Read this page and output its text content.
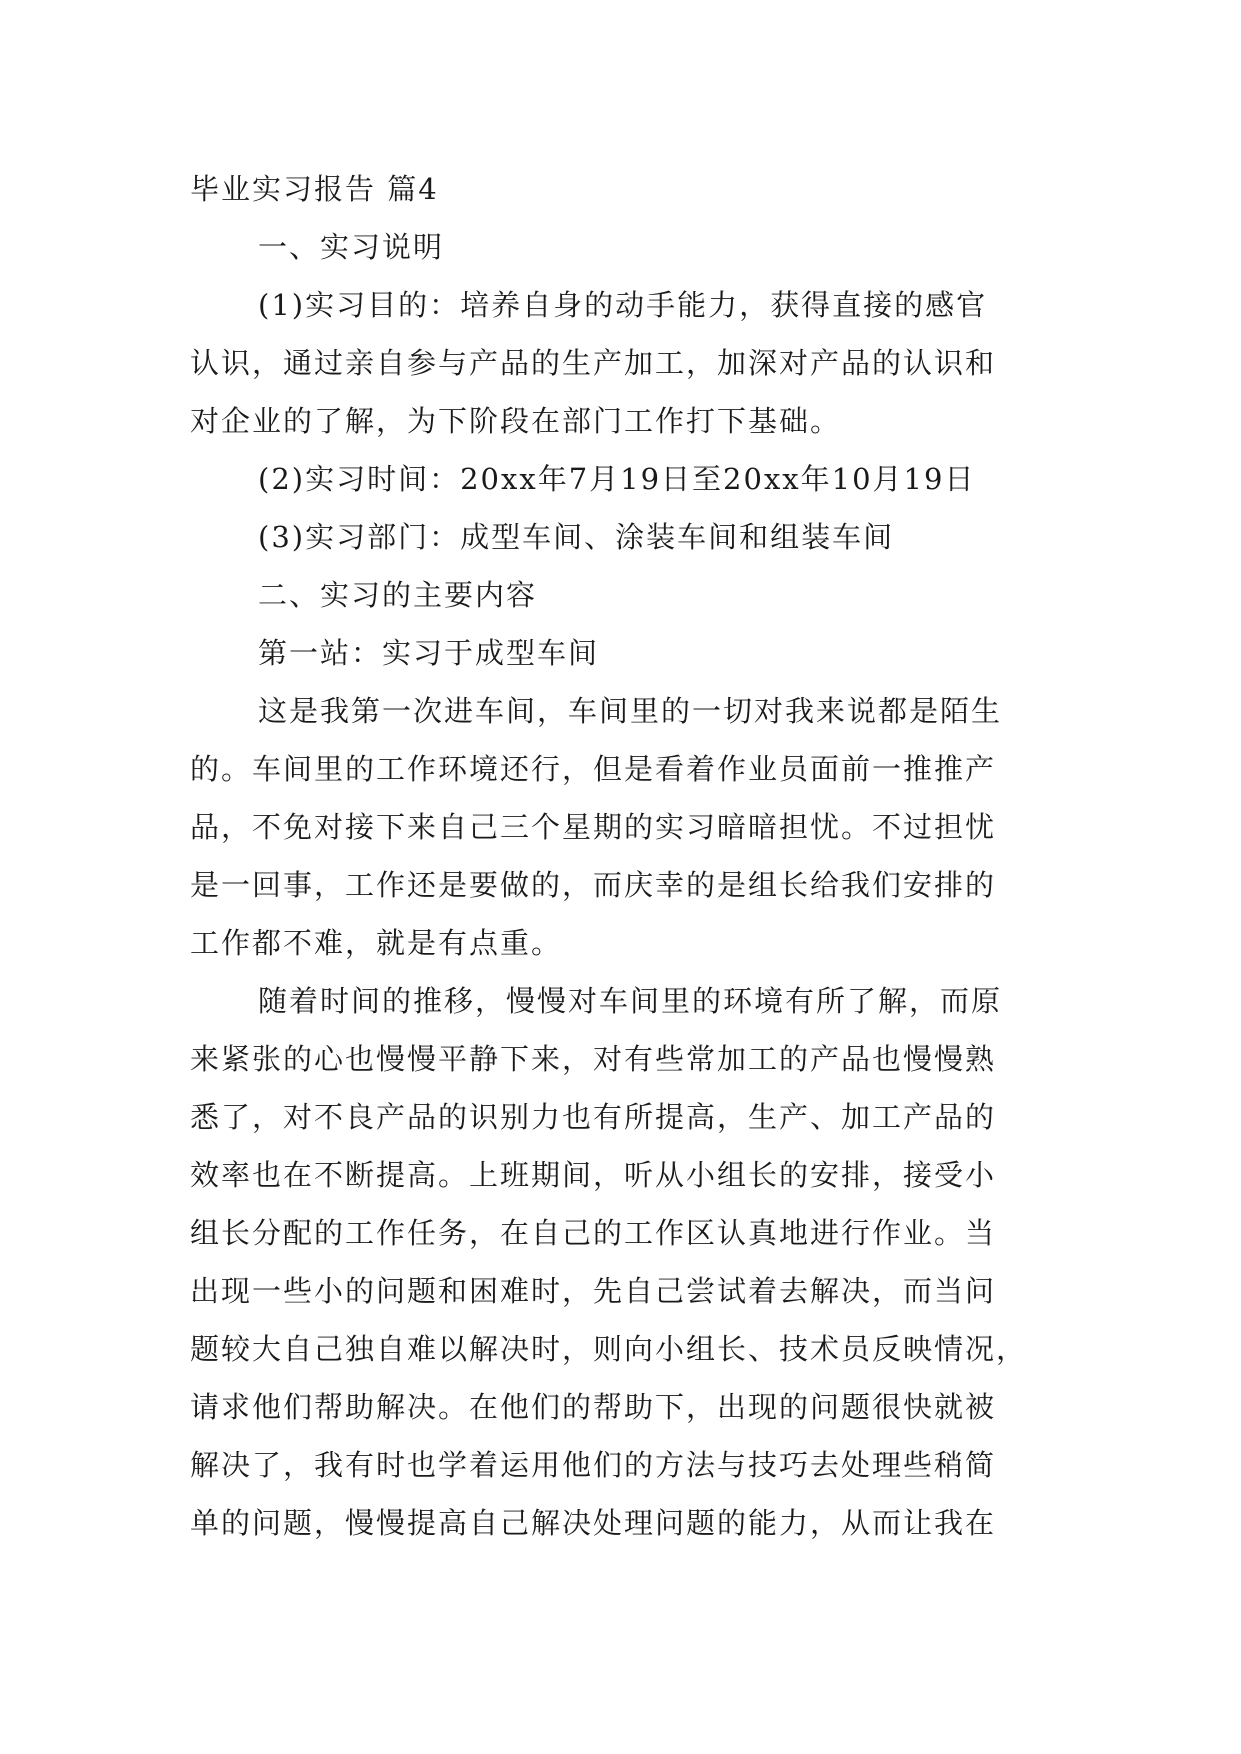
毕业实习报告 篇4
一、实习说明
(1)实习目的：培养自身的动手能力，获得直接的感官
认识，通过亲自参与产品的生产加工，加深对产品的认识和
对企业的了解，为下阶段在部门工作打下基础。
(2)实习时间：20xx年7月19日至20xx年10月19日
(3)实习部门：成型车间、涂装车间和组装车间
二、实习的主要内容
第一站：实习于成型车间
这是我第一次进车间，车间里的一切对我来说都是陌生
的。车间里的工作环境还行，但是看着作业员面前一推推产
品，不免对接下来自己三个星期的实习暗暗担忧。不过担忧
是一回事，工作还是要做的，而庆幸的是组长给我们安排的
工作都不难，就是有点重。
随着时间的推移，慢慢对车间里的环境有所了解，而原
来紧张的心也慢慢平静下来，对有些常加工的产品也慢慢熟
悉了，对不良产品的识别力也有所提高，生产、加工产品的
效率也在不断提高。上班期间，听从小组长的安排，接受小
组长分配的工作任务，在自己的工作区认真地进行作业。当
出现一些小的问题和困难时，先自己尝试着去解决，而当问
题较大自己独自难以解决时，则向小组长、技术员反映情况，
请求他们帮助解决。在他们的帮助下，出现的问题很快就被
解决了，我有时也学着运用他们的方法与技巧去处理些稍简
单的问题，慢慢提高自己解决处理问题的能力，从而让我在
